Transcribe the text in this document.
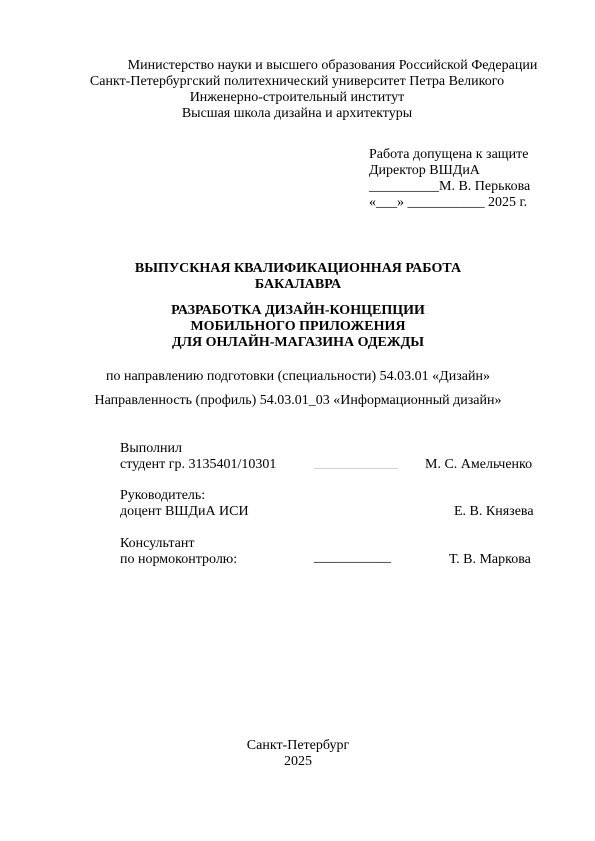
Министерство науки и высшего образования Российской Федерации
Санкт-Петербургский политехнический университет Петра Великого
Инженерно-строительный институт
Высшая школа дизайна и архитектуры
Работа допущена к защите
Директор ВШДиА
__________М. В. Перькова
«___» ___________ 2025 г.
ВЫПУСКНАЯ КВАЛИФИКАЦИОННАЯ РАБОТА
БАКАЛАВРА
РАЗРАБОТКА ДИЗАЙН-КОНЦЕПЦИИ
МОБИЛЬНОГО ПРИЛОЖЕНИЯ
ДЛЯ ОНЛАЙН-МАГАЗИНА ОДЕЖДЫ
по направлению подготовки (специальности) 54.03.01 «Дизайн»
Направленность (профиль) 54.03.01_03 «Информационный дизайн»
Выполнил
студент гр. 3135401/10301	____________ М. С. Амельченко
Руководитель:
доцент ВШДиА ИСИ	Е. В. Князева
Консультант
по нормоконтролю:	___________	Т. В. Маркова
Санкт-Петербург
2025
